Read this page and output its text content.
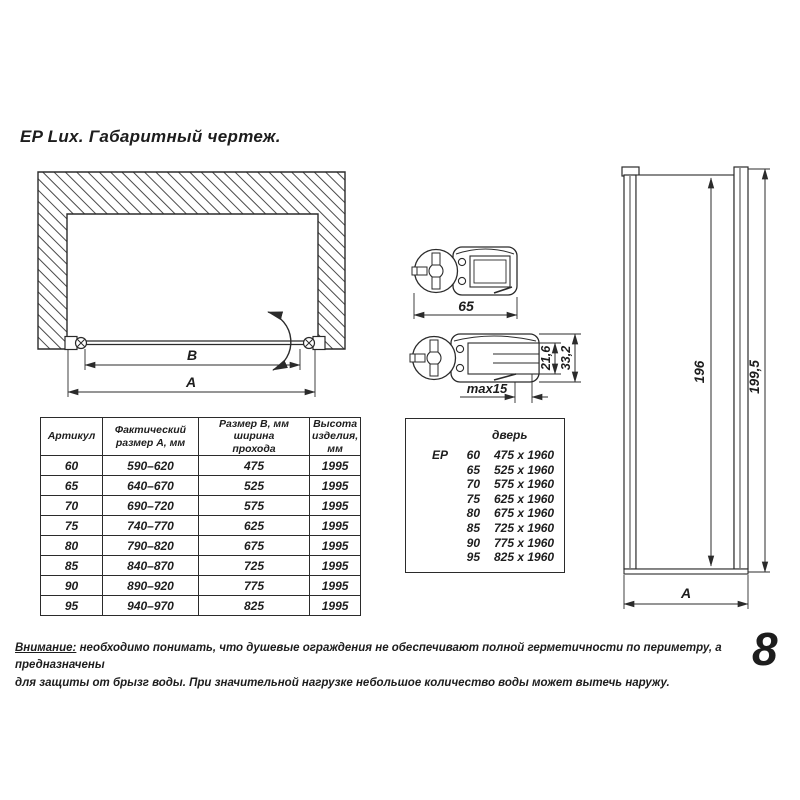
EP Lux. Габаритный чертеж.
B
A
65
21,6 33,2
max15
196	199,5
A
Артикул	Фактический размер А, мм	Размер В, мм ширина прохода	Высота изделия, мм

60	590–620	475	1995
65	640–670	525	1995
70	690–720	575	1995
75	740–770	625	1995
80	790–820	675	1995
85	840–870	725	1995
90	890–920	775	1995
95	940–970	825	1995
дверь
EP	60 475 x 1960
65 525 x 1960
70 575 x 1960
75 625 x 1960
80 675 x 1960
85 725 x 1960
90 775 x 1960
95 825 x 1960
Внимание: необходимо понимать, что душевые ограждения не обеспечивают полной герметичности по периметру, а предназначены
для защиты от брызг воды. При значительной нагрузке небольшое количество воды может вытечь наружу.
8
